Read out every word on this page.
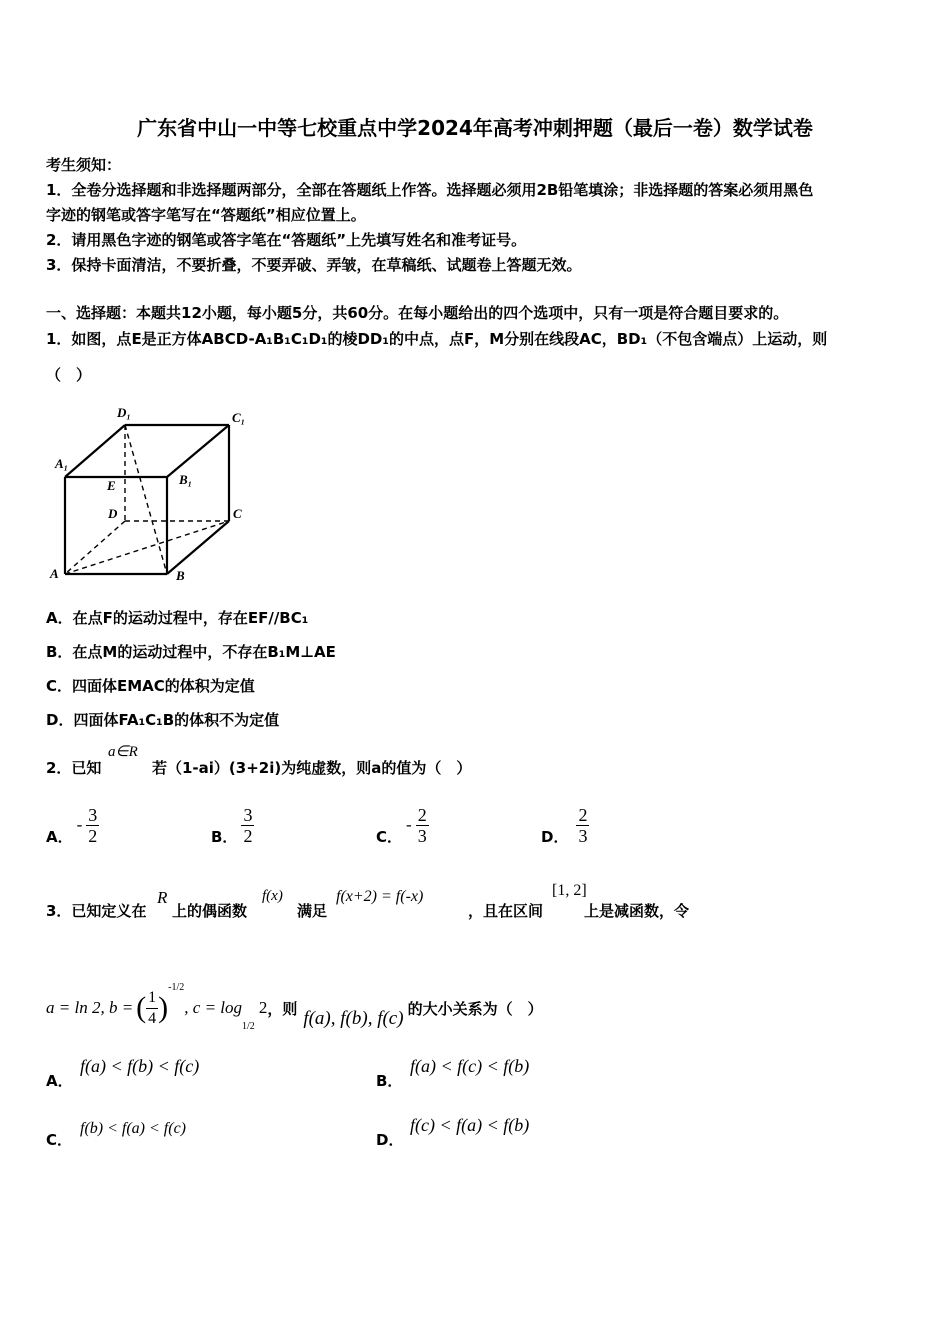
广东省中山一中等七校重点中学2024年高考冲刺押题（最后一卷）数学试卷
考生须知：
1．全卷分选择题和非选择题两部分，全部在答题纸上作答。选择题必须用2B铅笔填涂；非选择题的答案必须用黑色
字迹的钢笔或答字笔写在“答题纸”相应位置上。
2．请用黑色字迹的钢笔或答字笔在“答题纸”上先填写姓名和准考证号。
3．保持卡面清洁，不要折叠，不要弄破、弄皱，在草稿纸、试题卷上答题无效。
一、选择题：本题共12小题，每小题5分，共60分。在每小题给出的四个选项中，只有一项是符合题目要求的。
1．如图，点E是正方体ABCD-A₁B₁C₁D₁的棱DD₁的中点，点F，M分别在线段AC，BD₁（不包含端点）上运动，则
（　）
D₁	C₁
A₁
B₁
E
D	C
A	B
A．在点F的运动过程中，存在EF//BC₁
B．在点M的运动过程中，不存在B₁M⊥AE
C．四面体EMAC的体积为定值
D．四面体FA₁C₁B的体积不为定值
2．已知
a∈R
若（1-ai）(3+2i)为纯虚数，则a的值为（　）
A．
- $\frac{3}{2}$	B． $\frac{3}{2}$	C．
- $\frac{2}{3}$	D． $\frac{2}{3}$
3．已知定义在
R
上的偶函数
f(x)
满足
f(x+2) = f(-x)
，且在区间
[1, 2]
上是减函数，令
a = ln 2, b = ( $\frac{1}{4}$ )
-1/2
, c = log
1/2
2 ，则 f(a), f(b), f(c) 的大小关系为（　）
A．
f(a) < f(b) < f(c)
B．
f(a) < f(c) < f(b)
C．
f(b) < f(a) < f(c)
D．
f(c) < f(a) < f(b)
